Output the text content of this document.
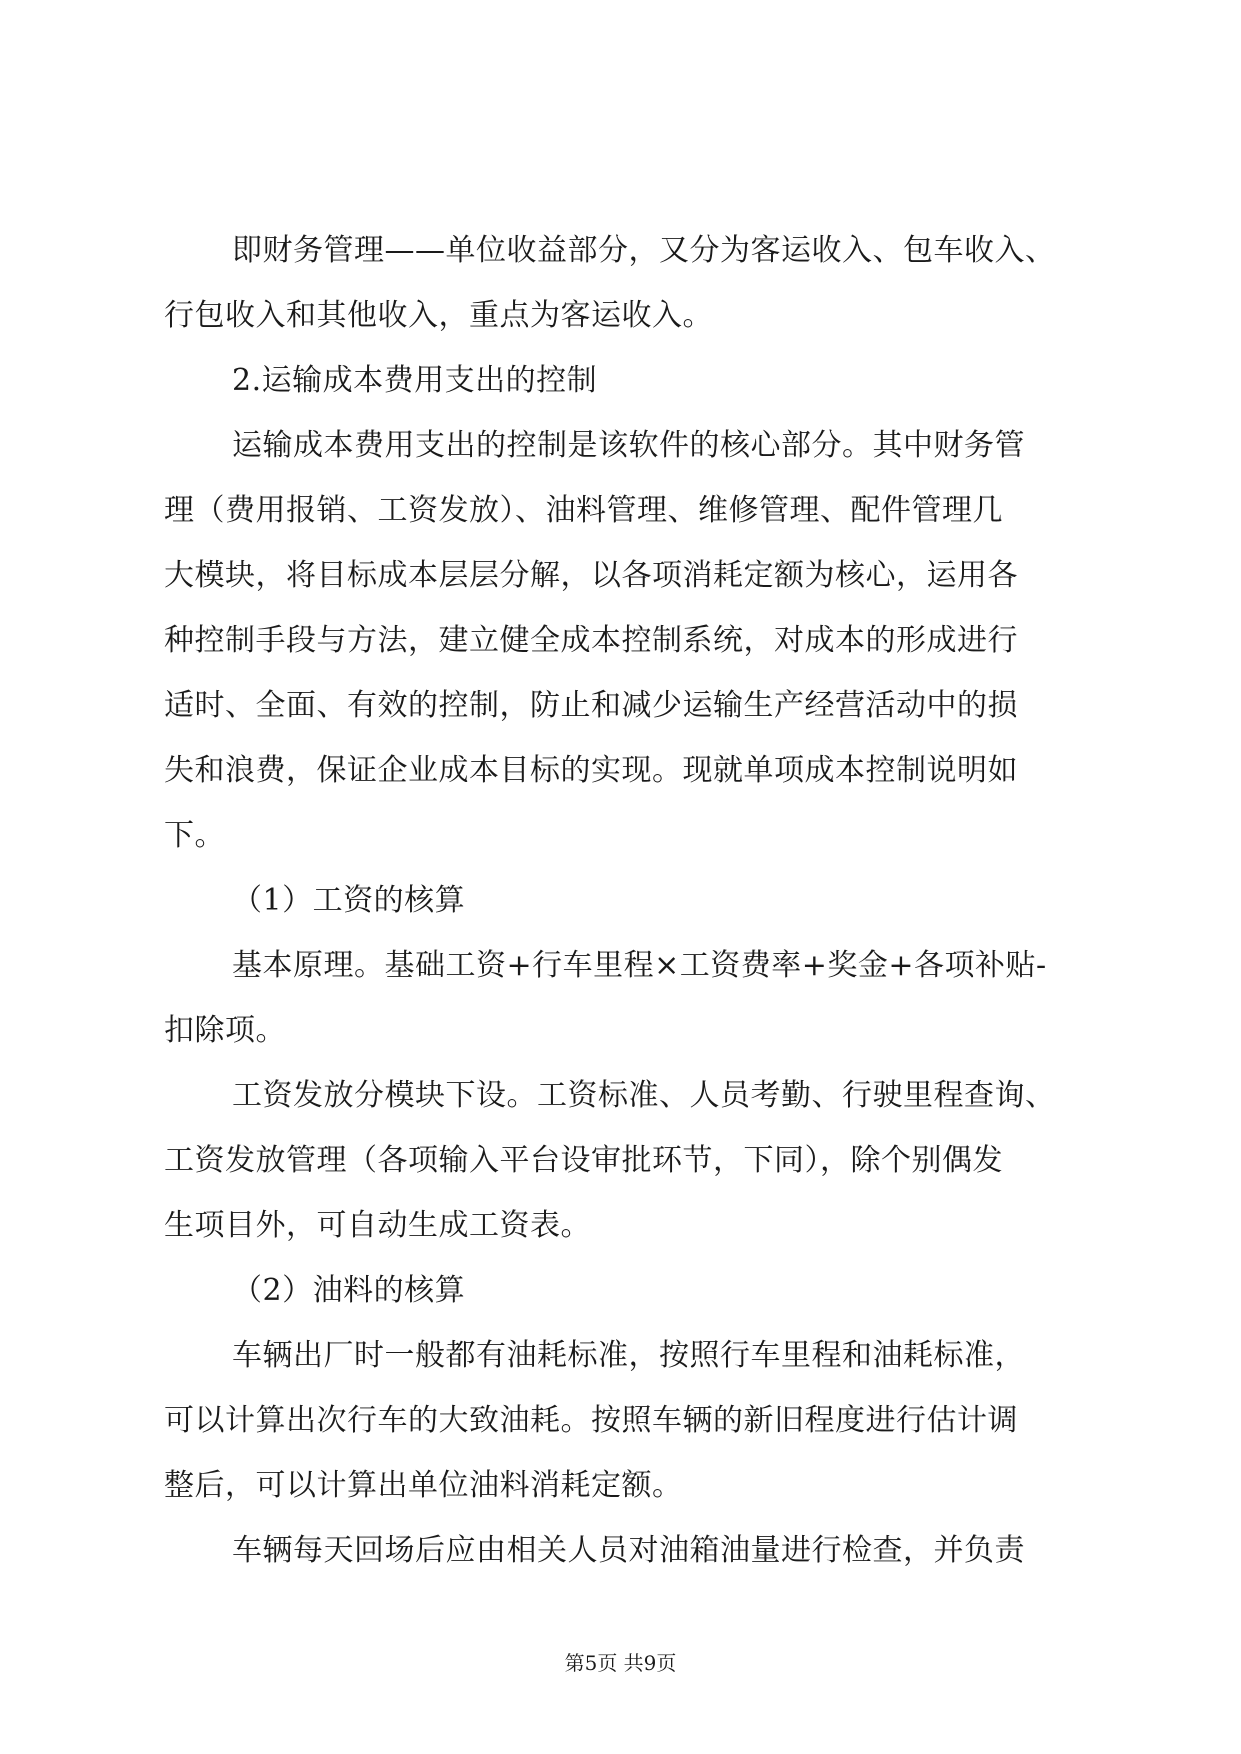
即财务管理——单位收益部分，又分为客运收入、包车收入、
行包收入和其他收入，重点为客运收入。
2.运输成本费用支出的控制
运输成本费用支出的控制是该软件的核心部分。其中财务管
理（费用报销、工资发放）、油料管理、维修管理、配件管理几
大模块，将目标成本层层分解，以各项消耗定额为核心，运用各
种控制手段与方法，建立健全成本控制系统，对成本的形成进行
适时、全面、有效的控制，防止和减少运输生产经营活动中的损
失和浪费，保证企业成本目标的实现。现就单项成本控制说明如
下。
（1）工资的核算
基本原理。基础工资+行车里程×工资费率+奖金+各项补贴-
扣除项。
工资发放分模块下设。工资标准、人员考勤、行驶里程查询、
工资发放管理（各项输入平台设审批环节，下同），除个别偶发
生项目外，可自动生成工资表。
（2）油料的核算
车辆出厂时一般都有油耗标准，按照行车里程和油耗标准，
可以计算出次行车的大致油耗。按照车辆的新旧程度进行估计调
整后，可以计算出单位油料消耗定额。
车辆每天回场后应由相关人员对油箱油量进行检查，并负责
第5页 共9页
